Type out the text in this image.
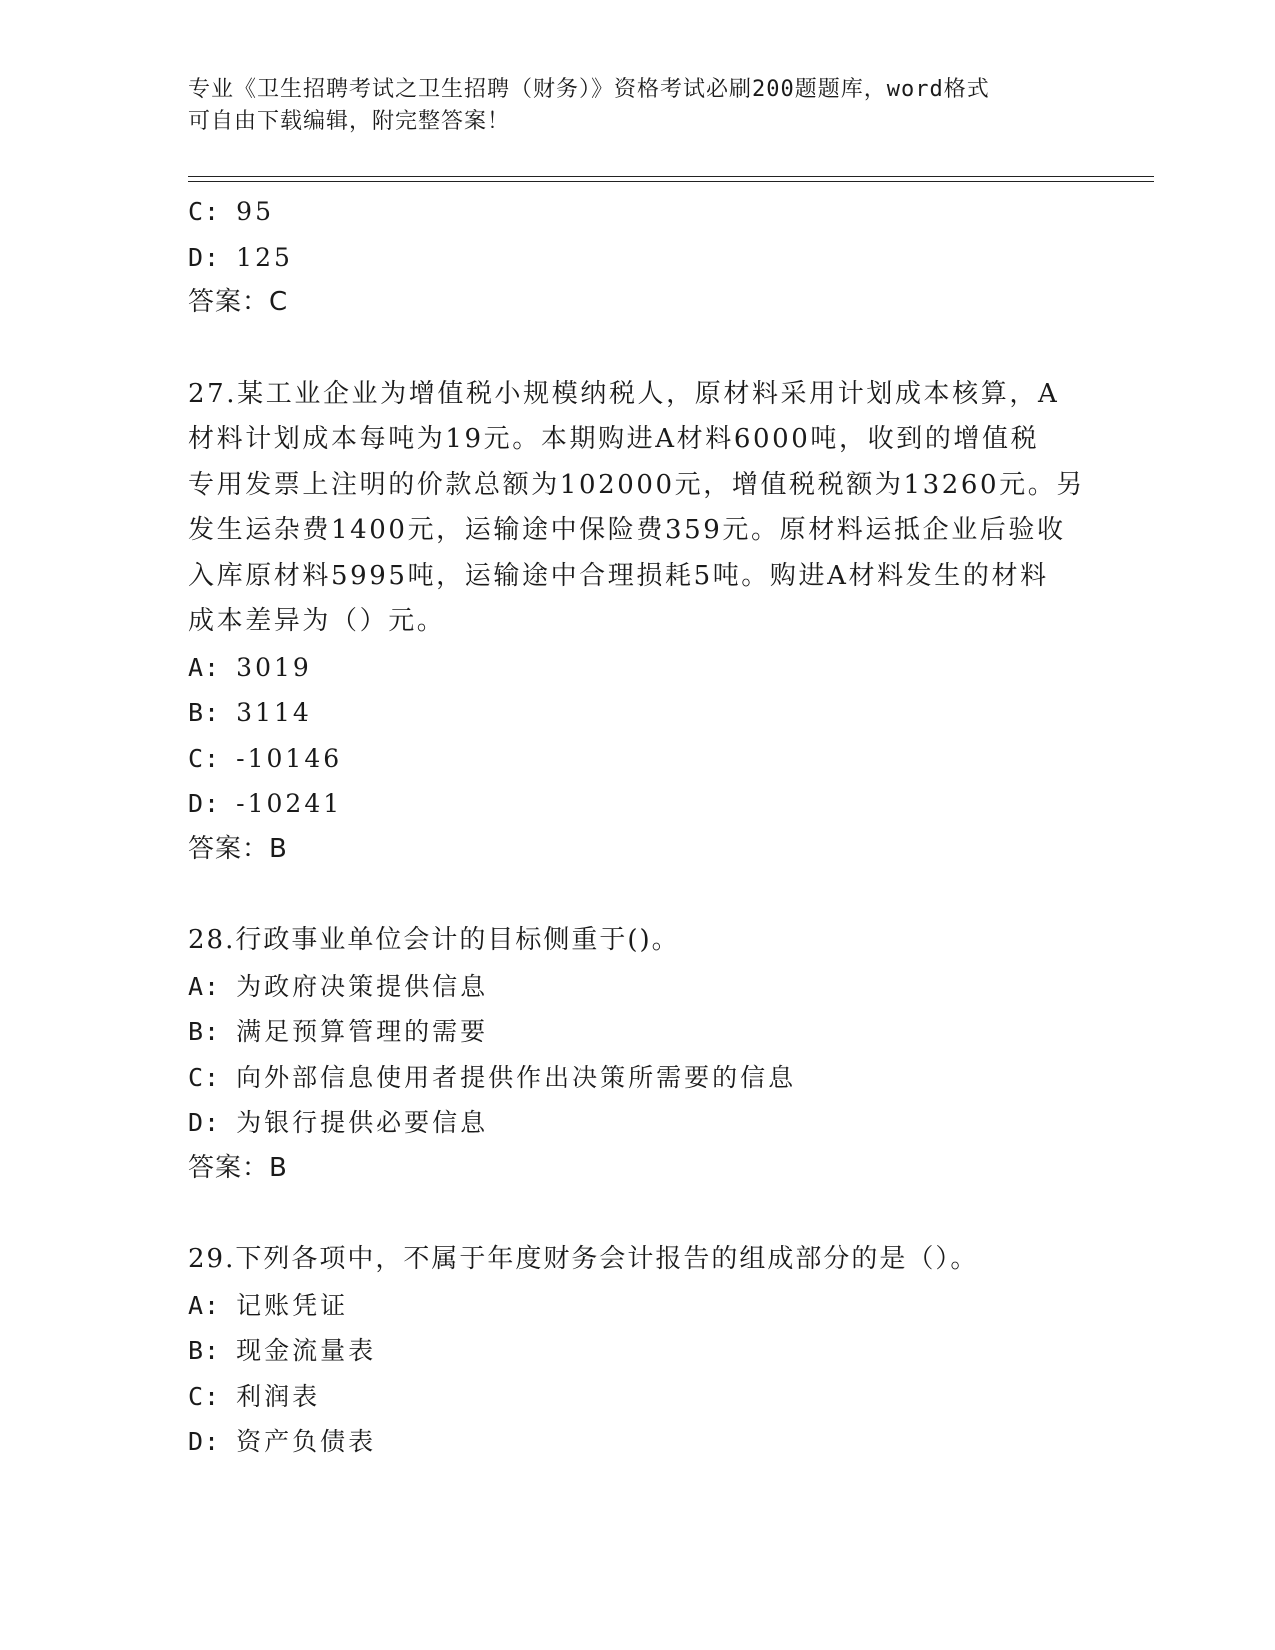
专业《卫生招聘考试之卫生招聘（财务）》资格考试必刷200题题库，word格式
可自由下载编辑，附完整答案！
C: 95
D: 125
答案：C
27.某工业企业为增值税小规模纳税人，原材料采用计划成本核算，A
材料计划成本每吨为19元。本期购进A材料6000吨，收到的增值税
专用发票上注明的价款总额为102000元，增值税税额为13260元。另
发生运杂费1400元，运输途中保险费359元。原材料运抵企业后验收
入库原材料5995吨，运输途中合理损耗5吨。购进A材料发生的材料
成本差异为（）元。
A: 3019
B: 3114
C: -10146
D: -10241
答案：B
28.行政事业单位会计的目标侧重于()。
A: 为政府决策提供信息
B: 满足预算管理的需要
C: 向外部信息使用者提供作出决策所需要的信息
D: 为银行提供必要信息
答案：B
29.下列各项中，不属于年度财务会计报告的组成部分的是（）。
A: 记账凭证
B: 现金流量表
C: 利润表
D: 资产负债表
